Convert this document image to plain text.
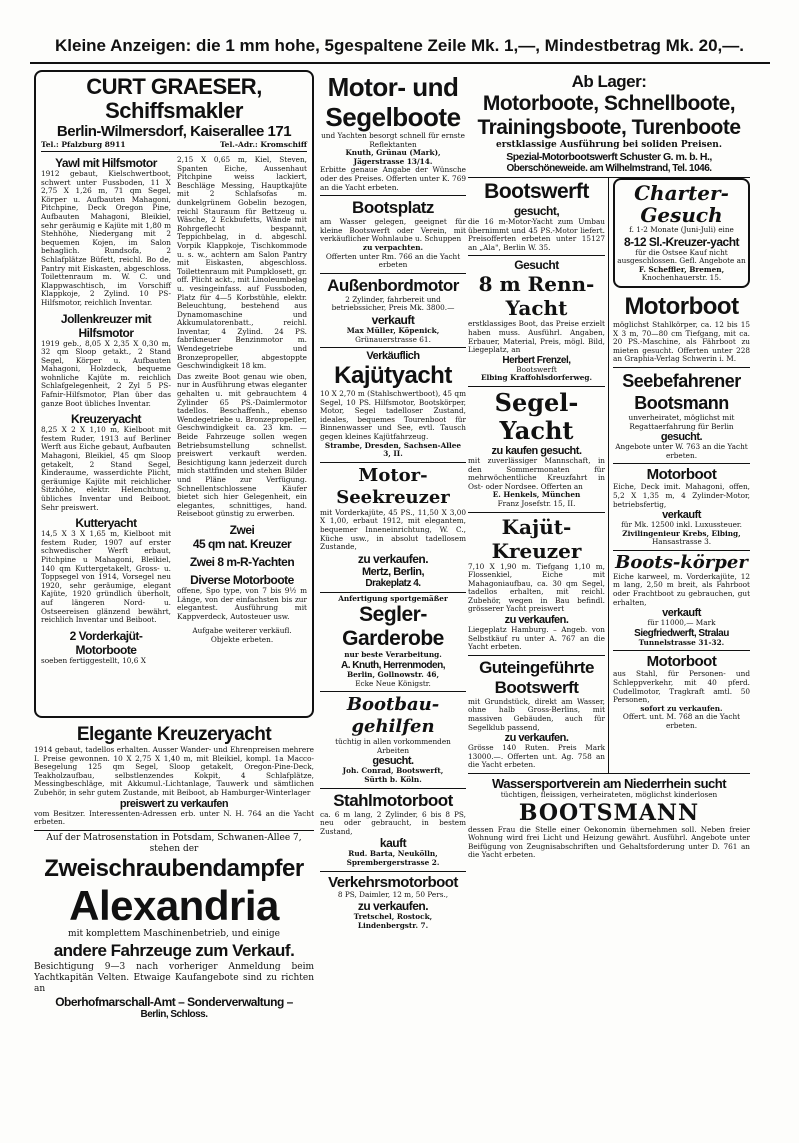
Kleine Anzeigen: die 1 mm hohe, 5gespaltene Zeile Mk. 1,—, Mindestbetrag Mk. 20,—.
CURT GRAESER, Schiffsmakler
Berlin-Wilmersdorf, Kaiserallee 171
Tel.: Pfalzburg 8911	Tel.-Adr.: Kromschiff
Yawl mit Hilfsmotor

1912 gebaut, Kielschwertboot, schwert unter Fussboden, 11 X 2,75 X 1,26 m, 71 qm Segel, Körper u. Aufbauten Mahagoni, Pitchpine, Deck Oregon Pine, Aufbauten Mahagoni, Bleikiel, sehr geräumig e Kajüte mit 1,80 m Stehhöhe, Niedergang mit 2 bequemen Kojen, im Salon behaglich. Rundsofa, 2 Schlafplätze Büfett, reichl. Bo de, Pantry mit Eiskasten, abgeschloss. Toilettenraum m. W. C. und Klappwaschtisch, im Vorschiff Klappkoje, 2 Zylind. 10 PS-Hilfsmotor, reichlich Inventar.

Jollenkreuzer mit Hilfsmotor

1919 geb., 8,05 X 2,35 X 0,30 m, 32 qm Sloop getakt., 2 Stand Segel, Körper u. Aufbauten Mahagoni, Holzdeck, bequeme wohnliche Kajüte m. reichlich Schlafgelegenheit, 2 Zyl 5 PS-Fafnir-Hilfsmotor, Plan über das ganze Boot übliches Inventar.

Kreuzeryacht

8,25 X 2 X 1,10 m, Kielboot mit festem Ruder, 1913 auf Berliner Werft aus Eiche gebaut, Aufbauten Mahagoni, Bleikiel, 45 qm Sloop getakelt, 2 Stand Segel, Kinderaume, wasserdichte Plicht, geräumige Kajüte mit reichlicher Sitzhöhe, elektr. Helenchtung, übliches Inventar und Beiboot. Sehr preiswert.

Kutteryacht

14,5 X 3 X 1,65 m, Kielboot mit festem Ruder, 1907 auf erster schwedischer Werft erbaut, Pitchpine u Mahagoni, Bleikiel, 140 qm Kuttergetakelt, Gross- u. Toppsegel von 1914, Vorsegel neu 1920, sehr geräumige, elegant Kajüte, 1920 gründlich überholt, auf längeren Nord- u. Ostseereisen glänzend bewährt, reichlich Inventar und Beiboot.

2 Vorderkajüt-Motorboote

soeben fertiggestellt, 10,6 X

2,15 X 0,65 m, Kiel, Steven, Spanten Eiche, Aussenhaut Pitchpine weiss lackiert, Beschläge Messing, Hauptkajüte mit 2 Schlafsofas m. dunkelgrünem Gobelin bezogen, reichl Stauraum für Bettzeug u. Wäsche, 2 Eckbufetts, Wände mit Rohrgeflecht bespannt, Teppichbelag, in d. abgeschl. Vorpik Klappkoje, Tischkommode u. s. w., achtern am Salon Pantry mit Eiskasten, abgeschloss. Toilettenraum mit Pumpklosett, gr. off. Plicht ackt., mit Linoleumbelag u. vesingeinfass. auf Fussboden, Platz für 4—5 Korbstühle, elektr. Beleuchtung, bestehend aus Dynamomaschine und Akkumulatorenbatt., reichl. Inventar, 4 Zylind. 24 PS. fabrikneuer Benzinmotor m. Wendegetriebe und Bronzepropeller, abgestoppte Geschwindigkeit 18 km.

Das zweite Boot genau wie oben, nur in Ausführung etwas eleganter gehalten u. mit gebrauchtem 4 Zylinder 65 PS.-Daimlermotor tadellos. Beschaffenh., ebenso Wendegetriebe u. Bronzepropeller, Geschwindigkeit ca. 23 km. — Beide Fahrzeuge sollen wegen Betriebsumstellung schnellst. preiswert verkauft werden. Besichtigung kann jederzeit durch mich stattfinden und stehen Bilder und Pläne zur Verfügung. Schnellentschlossene Käufer bietet sich hier Gelegenheit, ein elegantes, schnittiges, hand. Reiseboot günstig zu erwerben.

Zwei
45 qm nat. Kreuzer
Zwei 8 m-R-Yachten
Diverse Motorboote

offene, Spo type, von 7 bis 9½ m Länge, von der einfachsten bis zur elegantest. Ausführung mit Kappverdeck, Autosteuer usw.

Aufgabe weiterer verkäufl. Objekte erbeten.

Elegante Kreuzeryacht

1914 gebaut, tadellos erhalten. Ausser Wander- und Ehrenpreisen mehrere I. Preise gewonnen. 10 X 2,75 X 1,40 m, mit Bleikiel, kompl. 1a Macco-Besegelung 125 qm Segel, Sloop getakelt, Oregon-Pine-Deck, Teakholzaufbau, selbstlenzendes Kokpit, 4 Schlafplätze, Messingbeschläge, mit Akkumul.-Lichtanlage, Tauwerk und sämtlichen Zubehör, in sehr gutem Zustande, mit Beiboot, ab Hamburger-Winterlager

preiswert zu verkaufen

vom Besitzer. Interessenten-Adressen erb. unter N. H. 764 an die Yacht erbeten.

Auf der Matrosenstation in Potsdam, Schwanen-Allee 7, stehen der

Zweischraubendampfer
Alexandria

mit komplettem Maschinenbetrieb, und einige

andere Fahrzeuge zum Verkauf.

Besichtigung 9—3 nach vorheriger Anmeldung beim Yachtkapitän Velten. Etwaige Kaufangebote sind zu richten an

Oberhofmarschall-Amt – Sonderverwaltung –
Berlin, Schloss.
Motor- und Segelboote

und Yachten besorgt schnell für ernste Reflektanten

Knuth, Grünau (Mark), Jägerstrasse 13/14.

Erbitte genaue Angabe der Wünsche oder des Preises. Offerten unter K. 769 an die Yacht erbeten.

Bootsplatz

am Wasser gelegen, geeignet für kleine Bootswerft oder Verein, mit verkäuflicher Wohnlaube u. Schuppen

zu verpachten.

Offerten unter Rm. 766 an die Yacht erbeten

Außenbordmotor

2 Zylinder, fahrbereit und betriebssicher, Preis Mk. 3800.—

verkauft

Max Müller, Köpenick,

Grünauerstrasse 61.

Verkäuflich
Kajütyacht

10 X 2,70 m (Stahlschwertboot), 45 qm Segel, 10 PS. Hilfsmotor, Bootskörper, Motor, Segel tadelloser Zustand, ideales, bequemes Tourenboot für Binnenwasser und See, evtl. Tausch gegen kleines Kajütfahrzeug.

Strambe, Dresden, Sachsen-Allee 3, II.

Motor-Seekreuzer

mit Vorderkajüte, 45 PS., 11,50 X 3,00 X 1,00, erbaut 1912, mit elegantem, bequemer Inneneinrichtung, W. C., Küche usw., in absolut tadellosem Zustande,

zu verkaufen.
Mertz, Berlin,
Drakeplatz 4.

Anfertigung sportgemäßer

Segler-Garderobe

nur beste Verarbeitung.

A. Knuth, Herrenmoden,

Berlin, Gollnowstr. 46,

Ecke Neue Königstr.

Bootbau-gehilfen

tüchtig in allen vorkommenden Arbeiten

gesucht.

Joh. Conrad, Bootswerft,

Sürth b. Köln.

Stahlmotorboot

ca. 6 m lang, 2 Zylinder, 6 bis 8 PS, neu oder gebraucht, in bestem Zustand,

kauft

Rud. Barta, Neukölln,

Sprembergerstrasse 2.

Verkehrsmotorboot

8 PS, Daimler, 12 m, 50 Pers.,

zu verkaufen.

Tretschel, Rostock,

Lindenbergstr. 7.

Ab Lager:
Motorboote, Schnellboote,
Trainingsboote, Turenboote

erstklassige Ausführung bei soliden Preisen.

Spezial-Motorbootswerft Schuster G. m. b. H.,
Oberschöneweide. am Wilhelmstrand, Tel. 1046.
Bootswerft
gesucht,

die 16 m-Motor-Yacht zum Umbau übernimmt und 45 PS.-Motor liefert. Preisofferten erbeten unter 15127 an „Ala", Berlin W. 35.

Gesucht
8 m Renn-Yacht

erstklassiges Boot, das Preise erzielt haben muss. Ausführl. Angaben, Erbauer, Material, Preis, mögl. Bild, Liegeplatz, an

Herbert Frenzel,

Bootswerft

Elbing Kraffohlsdorferweg.

Segel-Yacht
zu kaufen gesucht.

mit zuverlässiger Mannschaft, in den Sommermonaten für mehrwöchentliche Kreuzfahrt in Ost- oder Nordsee. Offerten an

E. Henkels, München

Franz Josefstr. 15, II.

Kajüt-Kreuzer

7,10 X 1,90 m. Tiefgang 1,10 m, Flossenkiel, Eiche mit Mahagoniaufbau, ca. 30 qm Segel, tadellos erhalten, mit reichl. Zubehör, wegen in Bau befindl. grösserer Yacht preiswert

zu verkaufen.

Liegeplatz Hamburg. – Angeb. von Selbstkäuf ru unter A. 767 an die Yacht erbeten.

Guteingeführte Bootswerft

mit Grundstück, direkt am Wasser, ohne halb Gross-Berlins, mit massiven Gebäuden, auch für Segelklub passend,

zu verkaufen.

Grösse 140 Ruten. Preis Mark 13000.—. Offerten unt. Ag. 758 an die Yacht erbeten.

Charter-Gesuch

f. 1-2 Monate (Juni-Juli) eine

8-12 Sl.-Kreuzer-yacht

für die Ostsee Kauf nicht ausgeschlossen. Gefl. Angebote an

F. Scheffler, Bremen,

Knochenhauerstr. 15.

Motorboot

möglichst Stahlkörper, ca. 12 bis 15 X 3 m, 70—80 cm Tiefgang, mit ca. 20 PS.-Maschine, als Fährboot zu mieten gesucht. Offerten unter 228 an Graphia-Verlag Schwerin i. M.

Seebefahrener Bootsmann

unverheiratet, möglichst mit Regattaerfahrung für Berlin

gesucht.

Angebote unter W. 763 an die Yacht erbeten.

Motorboot

Eiche, Deck imit. Mahagoni, offen, 5,2 X 1,35 m, 4 Zylinder-Motor, betriebsfertig,

verkauft

für Mk. 12500 inkl. Luxussteuer.

Zivilingenieur Krebs, Elbing,

Hansastrasse 3.

Boots-körper

Eiche karweel, m. Vorderkajüte, 12 m lang, 2,50 m breit, als Fahrboot oder Frachtboot zu gebrauchen, gut erhalten,

verkauft

für 11000,— Mark

Siegfriedwerft, Stralau

Tunnelstrasse 31-32.

Motorboot

aus Stahl, für Personen- und Schleppverkehr, mit 40 pferd. Cudellmotor, Tragkraft amtl. 50 Personen,

sofort zu verkaufen.

Offert. unt. M. 768 an die Yacht erbeten.

Wassersportverein am Niederrhein sucht

tüchtigen, fleissigen, verheirateten, möglichst kinderlosen

BOOTSMANN

dessen Frau die Stelle einer Oekonomin übernehmen soll. Neben freier Wohnung wird frei Licht und Heizung gewährt. Ausführl. Angebote unter Beifügung von Zeugnisabschriften und Gehaltsforderung unter D. 761 an die Yacht erbeten.
